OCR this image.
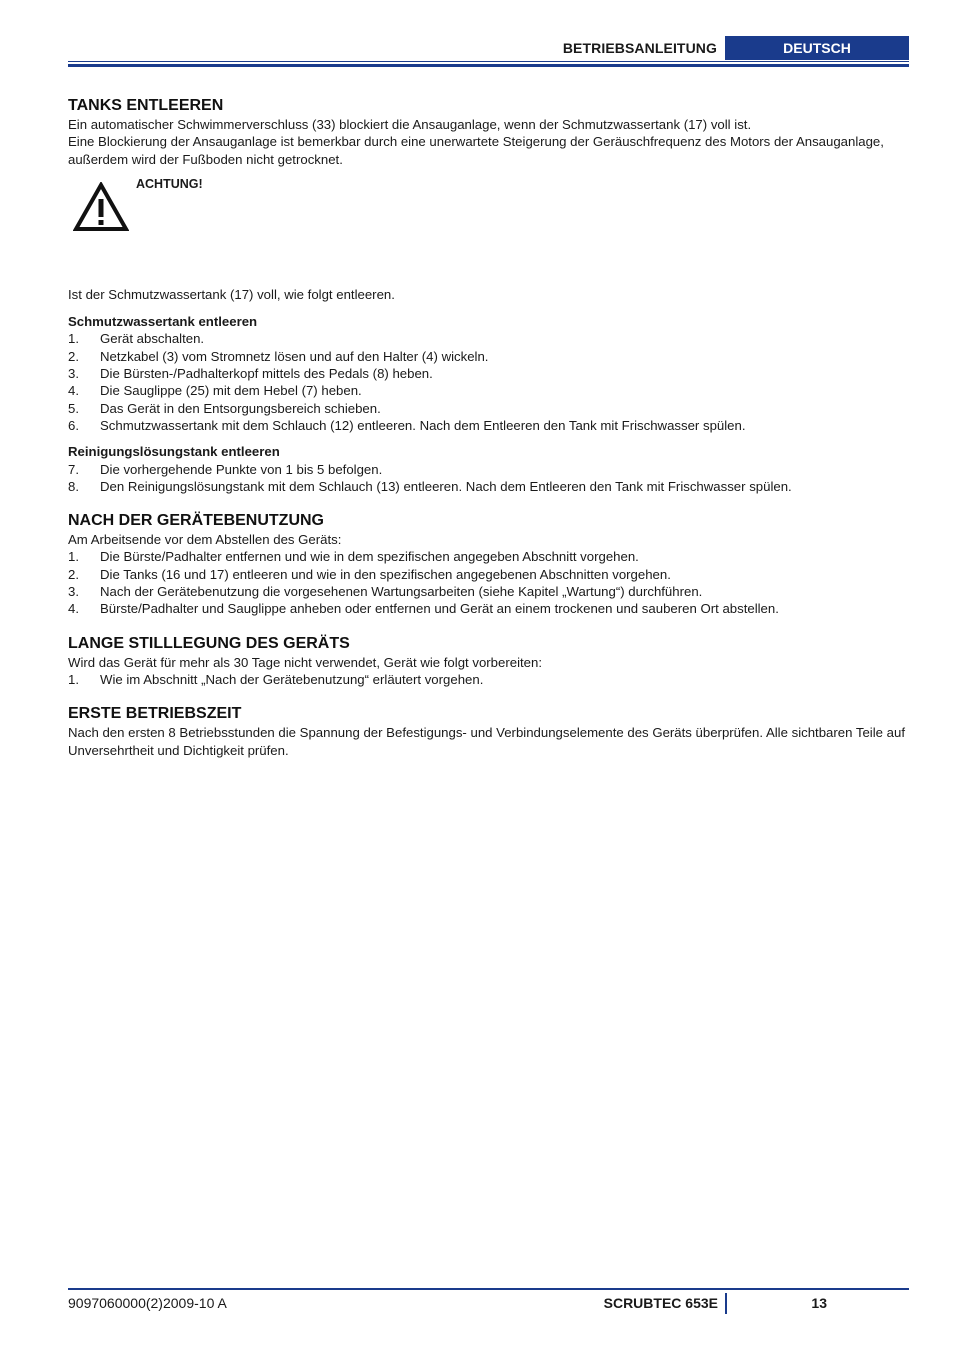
BETRIEBSANLEITUNG	DEUTSCH
TANKS ENTLEEREN

Ein automatischer Schwimmerverschluss (33) blockiert die Ansauganlage, wenn der Schmutzwassertank (17) voll ist.

Eine Blockierung der Ansauganlage ist bemerkbar durch eine unerwartete Steigerung der Geräuschfrequenz des Motors der Ansauganlage, außerdem wird der Fußboden nicht getrocknet.

ACHTUNG!

Ist der Schmutzwassertank (17) voll, wie folgt entleeren.

Schmutzwassertank entleeren

1. Gerät abschalten.
2. Netzkabel (3) vom Stromnetz lösen und auf den Halter (4) wickeln.
3. Die Bürsten-/Padhalterkopf mittels des Pedals (8) heben.
4. Die Sauglippe (25) mit dem Hebel (7) heben.
5. Das Gerät in den Entsorgungsbereich schieben.
6. Schmutzwassertank mit dem Schlauch (12) entleeren. Nach dem Entleeren den Tank mit Frischwasser spülen.

Reinigungslösungstank entleeren

7. Die vorhergehende Punkte von 1 bis 5 befolgen.
8. Den Reinigungslösungstank mit dem Schlauch (13) entleeren. Nach dem Entleeren den Tank mit Frischwasser spülen.
NACH DER GERÄTEBENUTZUNG

Am Arbeitsende vor dem Abstellen des Geräts:

1. Die Bürste/Padhalter entfernen und wie in dem spezifischen angegeben Abschnitt vorgehen.
2. Die Tanks (16 und 17) entleeren und wie in den spezifischen angegebenen Abschnitten vorgehen.
3. Nach der Gerätebenutzung die vorgesehenen Wartungsarbeiten (siehe Kapitel „Wartung“) durchführen.
4. Bürste/Padhalter und Sauglippe anheben oder entfernen und Gerät an einem trockenen und sauberen Ort abstellen.
LANGE STILLLEGUNG DES GERÄTS

Wird das Gerät für mehr als 30 Tage nicht verwendet, Gerät wie folgt vorbereiten:

1. Wie im Abschnitt „Nach der Gerätebenutzung“ erläutert vorgehen.
ERSTE BETRIEBSZEIT

Nach den ersten 8 Betriebsstunden die Spannung der Befestigungs- und Verbindungselemente des Geräts überprüfen. Alle sichtbaren Teile auf Unversehrtheit und Dichtigkeit prüfen.

9097060000(2)2009-10 A	SCRUBTEC 653E	13
